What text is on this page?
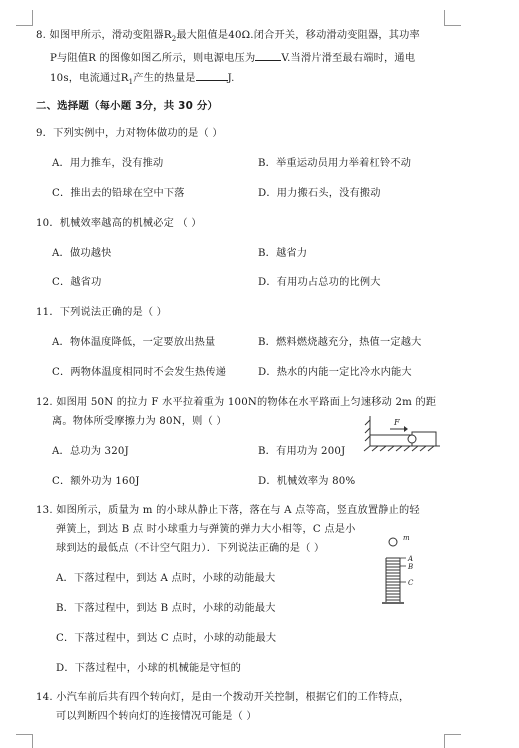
8. 如图甲所示，滑动变阻器$R_2$最大阻值是40Ω.闭合开关，移动滑动变阻器，其功率
P与阻值R 的图像如图乙所示，则电源电压为	V.当滑片滑至最右端时，通电
10s，电流通过$R_1$产生的热量是	J.
二、选择题（每小题 3分，共 30 分）
9．下列实例中，力对物体做功的是（ ）
A．用力推车，没有推动	B．举重运动员用力举着杠铃不动
C．推出去的铅球在空中下落	D．用力搬石头，没有搬动
10．机械效率越高的机械必定 （ ）
A．做功越快	B．越省力
C．越省功	D．有用功占总功的比例大
11．下列说法正确的是（ ）
A．物体温度降低，一定要放出热量	B．燃料燃烧越充分，热值一定越大
C．两物体温度相同时不会发生热传递	D．热水的内能一定比冷水内能大
12. 如图用 50N 的拉力 F 水平拉着重为 100N的物体在水平路面上匀速移动 2m 的距
离。物体所受摩擦力为 80N，则（ ）
A．总功为 320J	B．有用功为 200J
C．额外功为 160J	D．机械效率为 80%
F
13. 如图所示，质量为 m 的小球从静止下落，落在与 A 点等高，竖直放置静止的轻
弹簧上，到达 B 点 时小球重力与弹簧的弹力大小相等，C 点是小
球到达的最低点（不计空气阻力）．下列说法正确的是（ ）
A．下落过程中，到达 A 点时，小球的动能最大
B．下落过程中，到达 B 点时，小球的动能最大
C．下落过程中，到达 C 点时，小球的动能最大
D．下落过程中，小球的机械能是守恒的
m
A
B
C
14. 小汽车前后共有四个转向灯，是由一个拨动开关控制，根据它们的工作特点，
可以判断四个转向灯的连接情况可能是（ ）
